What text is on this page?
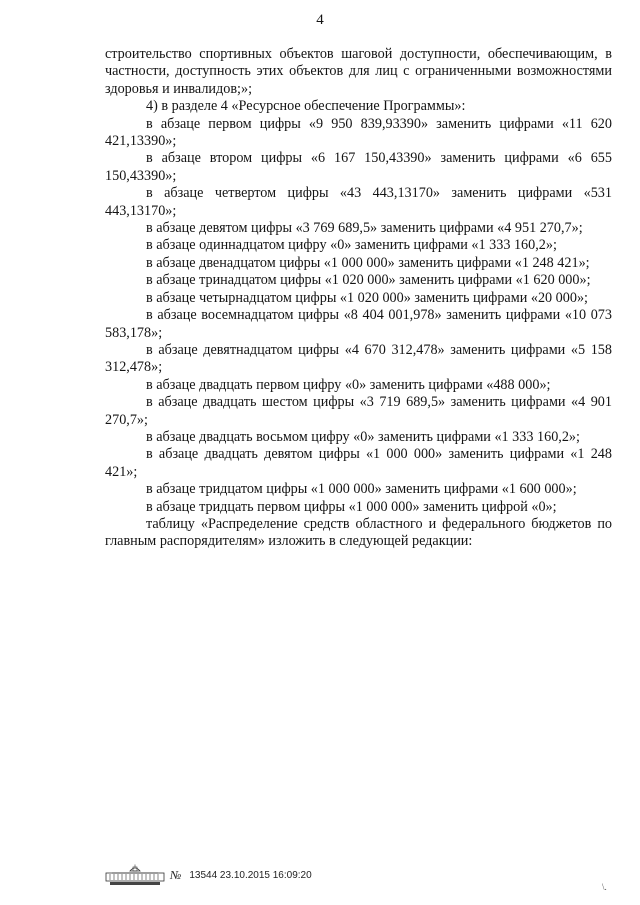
4

строительство спортивных объектов шаговой доступности, обеспечивающим, в частности, доступность этих объектов для лиц с ограниченными возможностями здоровья и инвалидов;»;

4) в разделе 4 «Ресурсное обеспечение Программы»:

в абзаце первом цифры «9 950 839,93390» заменить цифрами «11 620 421,13390»;

в абзаце втором цифры «6 167 150,43390» заменить цифрами «6 655 150,43390»;

в абзаце четвертом цифры «43 443,13170» заменить цифрами «531 443,13170»;

в абзаце девятом цифры «3 769 689,5» заменить цифрами «4 951 270,7»;

в абзаце одиннадцатом цифру «0» заменить цифрами «1 333 160,2»;

в абзаце двенадцатом цифры «1 000 000» заменить цифрами «1 248 421»;

в абзаце тринадцатом цифры «1 020 000» заменить цифрами «1 620 000»;

в абзаце четырнадцатом цифры «1 020 000» заменить цифрами «20 000»;

в абзаце восемнадцатом цифры «8 404 001,978» заменить цифрами «10 073 583,178»;

в абзаце девятнадцатом цифры «4 670 312,478» заменить цифрами «5 158 312,478»;

в абзаце двадцать первом цифру «0» заменить цифрами «488 000»;

в абзаце двадцать шестом цифры «3 719 689,5» заменить цифрами «4 901 270,7»;

в абзаце двадцать восьмом цифру «0» заменить цифрами «1 333 160,2»;

в абзаце двадцать девятом цифры «1 000 000» заменить цифрами «1 248 421»;

в абзаце тридцатом цифры «1 000 000» заменить цифрами «1 600 000»;

в абзаце тридцать первом цифры «1 000 000» заменить цифрой «0»;

таблицу «Распределение средств областного и федерального бюджетов по главным распорядителям» изложить в следующей редакции:

№ 13544 23.10.2015 16:09:20
\.
